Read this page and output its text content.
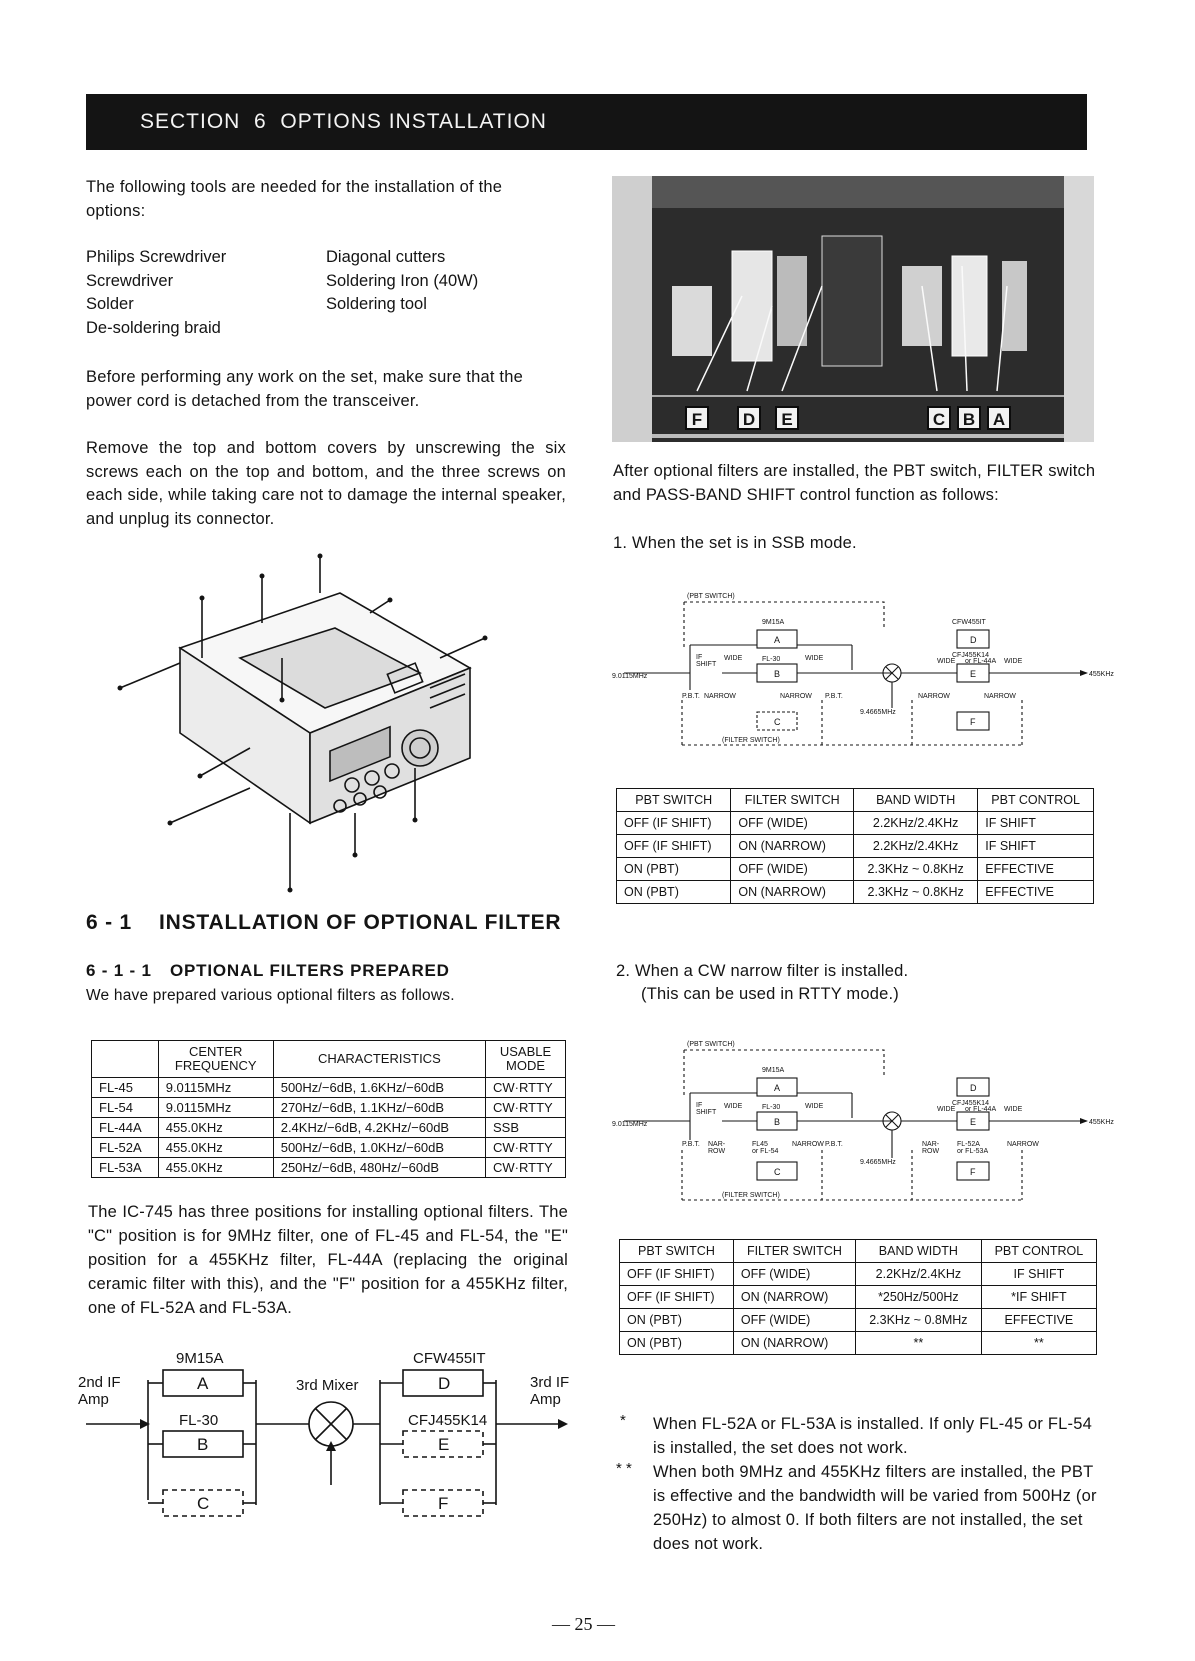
SECTION  6  OPTIONS INSTALLATION
The following tools are needed for the installation of the options:
Philips Screwdriver
Screwdriver
Solder
De-soldering braid
Diagonal cutters
Soldering Iron (40W)
Soldering tool
Before performing any work on the set, make sure that the power cord is detached from the transceiver.
Remove the top and bottom covers by unscrewing the six screws each on the top and bottom, and the three screws on each side, while taking care not to damage the internal speaker, and unplug its connector.
6 - 1 INSTALLATION OF OPTIONAL FILTER
6 - 1 - 1 OPTIONAL FILTERS PREPARED
We have prepared various optional filters as follows.
	CENTER FREQUENCY	CHARACTERISTICS	USABLE MODE
FL-45	9.0115MHz	500Hz/−6dB, 1.6KHz/−60dB	CW·RTTY
FL-54	9.0115MHz	270Hz/−6dB, 1.1KHz/−60dB	CW·RTTY
FL-44A	455.0KHz	2.4KHz/−6dB, 4.2KHz/−60dB	SSB
FL-52A	455.0KHz	500Hz/−6dB, 1.0KHz/−60dB	CW·RTTY
FL-53A	455.0KHz	250Hz/−6dB, 480Hz/−60dB	CW·RTTY
The IC-745 has three positions for installing optional filters. The "C" position is for 9MHz filter, one of FL-45 and FL-54, the "E" position for a 455KHz filter, FL-44A (replacing the original ceramic filter with this), and the "F" position for a 455KHz filter, one of FL-52A and FL-53A.
2nd IF
Amp
9M15A	CFW455IT
A
FL-30
B
C
3rd Mixer	D
CFJ455K14
E
F
3rd IF
Amp
F	D	E	C	B	A
After optional filters are installed, the PBT switch, FILTER switch and PASS-BAND SHIFT control function as follows:
1. When the set is in SSB mode.
(PBT SWITCH)
9M15A
A
IF
SHIFT
WIDE	FL-30	WIDE
B
C
9.0115MHz
P.B.T. NARROW	NARROW P.B.T.
9.4665MHz
CFW455IT
D
CFJ455K14
WIDE or FL-44A WIDE
E
NARROW	NARROW
F
(FILTER SWITCH)
455KHz
PBT SWITCH	FILTER SWITCH	BAND WIDTH	PBT CONTROL
OFF (IF SHIFT)	OFF (WIDE)	2.2KHz/2.4KHz	IF SHIFT
OFF (IF SHIFT)	ON (NARROW)	2.2KHz/2.4KHz	IF SHIFT
ON (PBT)	OFF (WIDE)	2.3KHz ~ 0.8KHz	EFFECTIVE
ON (PBT)	ON (NARROW)	2.3KHz ~ 0.8KHz	EFFECTIVE
2. When a CW narrow filter is installed.
(This can be used in RTTY mode.)
(PBT SWITCH)
9M15A
A
IF
SHIFT
WIDE	FL-30	WIDE
B
C
9.0115MHz
P.B.T. NAR-
ROW
FL45
or FL-54
NARROW P.B.T.
9.4665MHz
D
CFJ455K14
WIDE or FL-44A WIDE
E
NAR-
ROW
FL-52A
or FL-53A
NARROW
F
(FILTER SWITCH)
455KHz
PBT SWITCH	FILTER SWITCH	BAND WIDTH	PBT CONTROL
OFF (IF SHIFT)	OFF (WIDE)	2.2KHz/2.4KHz	IF SHIFT
OFF (IF SHIFT)	ON (NARROW)	*250Hz/500Hz	*IF SHIFT
ON (PBT)	OFF (WIDE)	2.3KHz ~ 0.8MHz	EFFECTIVE
ON (PBT)	ON (NARROW)	**	**
* When FL-52A or FL-53A is installed. If only FL-45 or FL-54 is installed, the set does not work.
* * When both 9MHz and 455KHz filters are installed, the PBT is effective and the bandwidth will be varied from 500Hz (or 250Hz) to almost 0. If both filters are not installed, the set does not work.
— 25 —
